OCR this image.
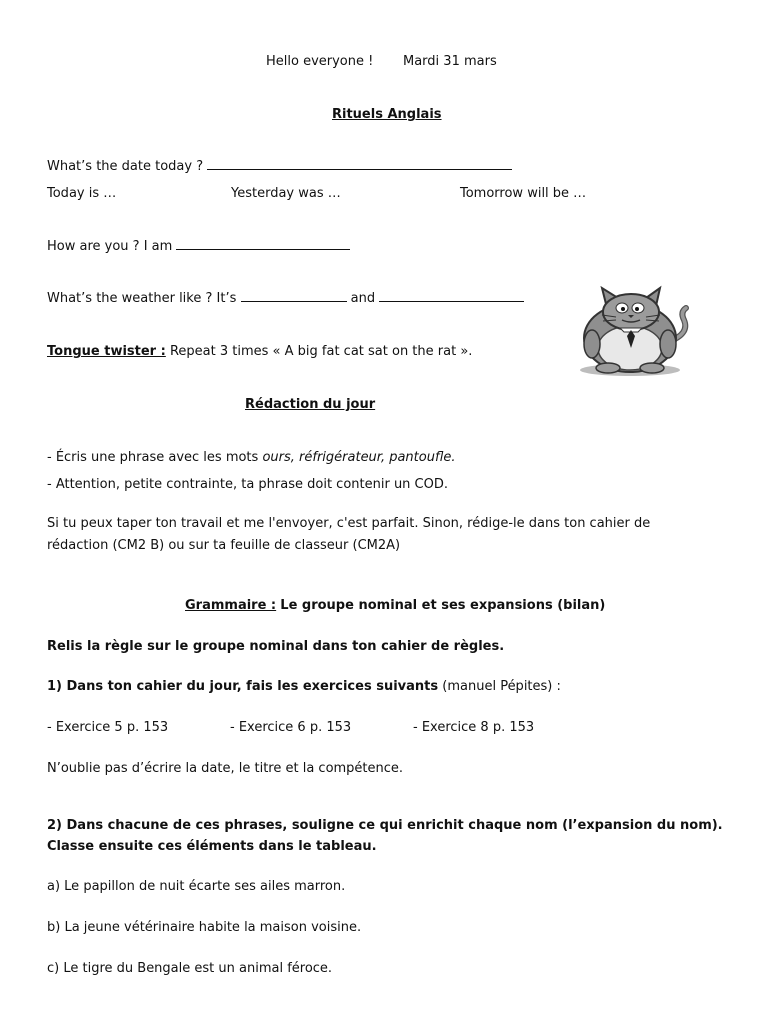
Hello everyone ! Mardi 31 mars
Rituels Anglais
What’s the date today ?
Today is …	Yesterday was …	Tomorrow will be …
How are you ? I am
What’s the weather like ? It’s	and
Tongue twister : Repeat 3 times « A big fat cat sat on the rat ».
Rédaction du jour
- Écris une phrase avec les mots ours, réfrigérateur, pantoufle.
- Attention, petite contrainte, ta phrase doit contenir un COD.
Si tu peux taper ton travail et me l'envoyer, c'est parfait. Sinon, rédige-le dans ton cahier de
rédaction (CM2 B) ou sur ta feuille de classeur (CM2A)
Grammaire : Le groupe nominal et ses expansions (bilan)
Relis la règle sur le groupe nominal dans ton cahier de règles.
1) Dans ton cahier du jour, fais les exercices suivants (manuel Pépites) :
- Exercice 5 p. 153	- Exercice 6 p. 153	- Exercice 8 p. 153
N’oublie pas d’écrire la date, le titre et la compétence.
2) Dans chacune de ces phrases, souligne ce qui enrichit chaque nom (l’expansion du nom).
Classe ensuite ces éléments dans le tableau.
a) Le papillon de nuit écarte ses ailes marron.
b) La jeune vétérinaire habite la maison voisine.
c) Le tigre du Bengale est un animal féroce.
